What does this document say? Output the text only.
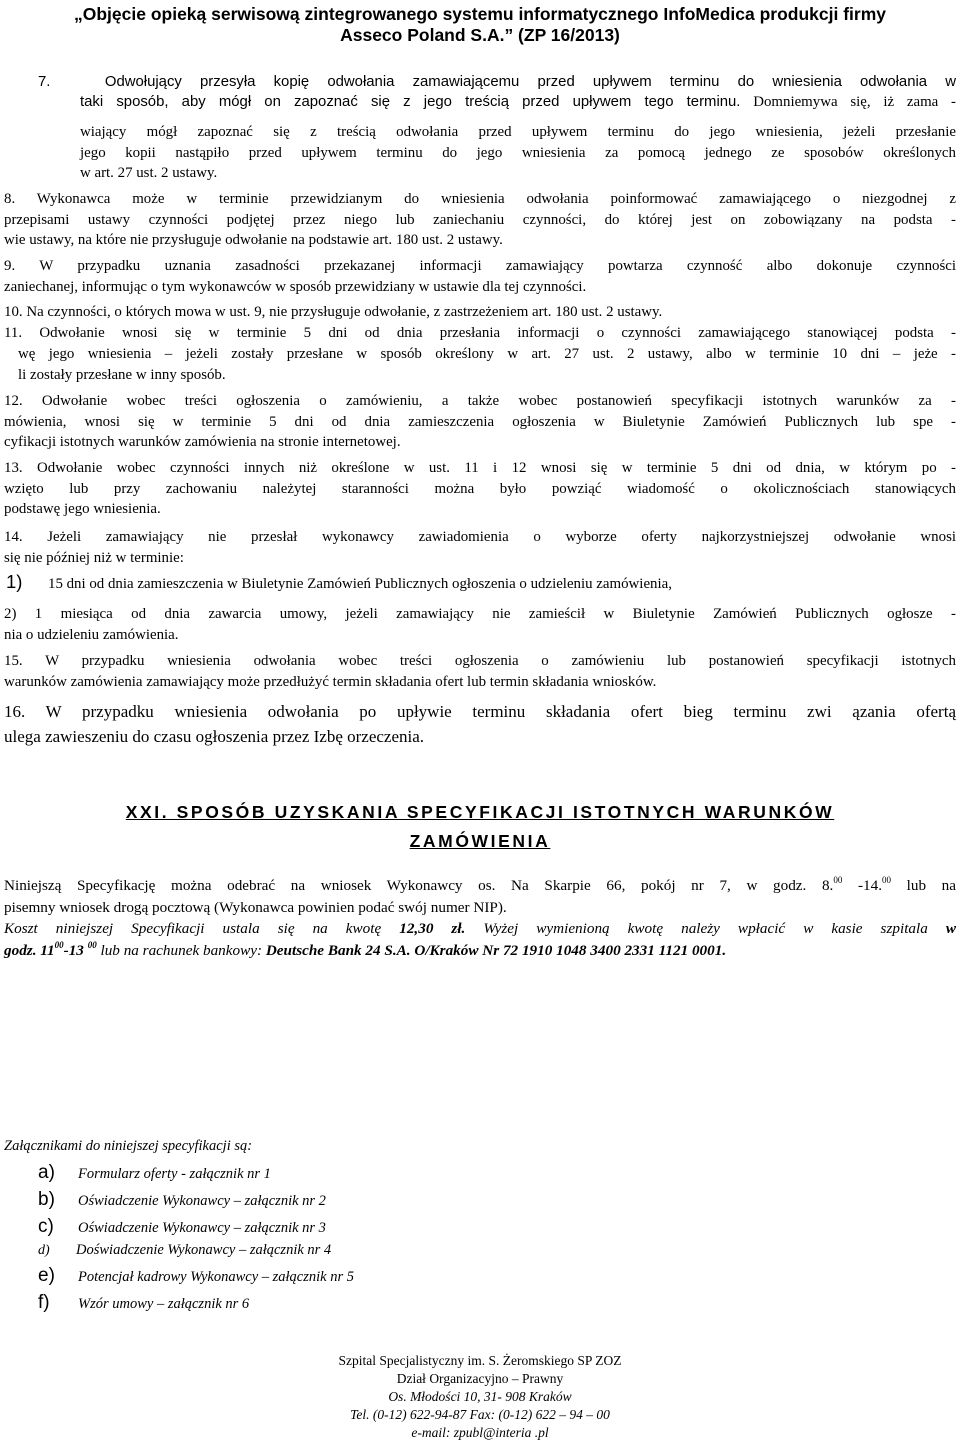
„Objęcie opieką serwisową zintegrowanego systemu informatycznego InfoMedica produkcji firmy
Asseco Poland S.A.” (ZP 16/2013)
7.	Odwołujący przesyła kopię odwołania zamawiającemu przed upływem terminu do wniesienia odwołania w
taki sposób, aby mógł on zapoznać się z jego treścią przed upływem tego terminu. Domniemywa się, iż zama -
wiający mógł zapoznać się z treścią odwołania przed upływem terminu do jego wniesienia, jeżeli przesłanie
jego kopii nastąpiło przed upływem terminu do jego wniesienia za pomocą jednego ze sposobów określonych
w art. 27 ust. 2 ustawy.
8. Wykonawca może w terminie przewidzianym do wniesienia odwołania poinformować zamawiającego o niezgodnej z
przepisami ustawy czynności podjętej przez niego lub zaniechaniu czynności, do której jest on zobowiązany na podsta -
wie ustawy, na które nie przysługuje odwołanie na podstawie art. 180 ust. 2 ustawy.
9. W przypadku uznania zasadności przekazanej informacji zamawiający powtarza czynność albo dokonuje czynności
zaniechanej, informując o tym wykonawców w sposób przewidziany w ustawie dla tej czynności.
10. Na czynności, o których mowa w ust. 9, nie przysługuje odwołanie, z zastrzeżeniem art. 180 ust. 2 ustawy.
11. Odwołanie wnosi się w terminie 5 dni od dnia przesłania informacji o czynności zamawiającego stanowiącej podsta -
wę jego wniesienia – jeżeli zostały przesłane w sposób określony w art. 27 ust. 2 ustawy, albo w terminie 10 dni – jeże -
li zostały przesłane w inny sposób.
12. Odwołanie wobec treści ogłoszenia o zamówieniu, a także wobec postanowień specyfikacji istotnych warunków za -
mówienia, wnosi się w terminie 5 dni od dnia zamieszczenia ogłoszenia w Biuletynie Zamówień Publicznych lub spe -
cyfikacji istotnych warunków zamówienia na stronie internetowej.
13. Odwołanie wobec czynności innych niż określone w ust. 11 i 12 wnosi się w terminie 5 dni od dnia, w którym po -
wzięto lub przy zachowaniu należytej staranności można było powziąć wiadomość o okolicznościach stanowiących
podstawę jego wniesienia.
14. Jeżeli zamawiający nie przesłał wykonawcy zawiadomienia o wyborze oferty najkorzystniejszej odwołanie wnosi
się nie później niż w terminie:
1) 15 dni od dnia zamieszczenia w Biuletynie Zamówień Publicznych ogłoszenia o udzieleniu zamówienia,
2) 1 miesiąca od dnia zawarcia umowy, jeżeli zamawiający nie zamieścił w Biuletynie Zamówień Publicznych ogłosze -
nia o udzieleniu zamówienia.
15. W przypadku wniesienia odwołania wobec treści ogłoszenia o zamówieniu lub postanowień specyfikacji istotnych
warunków zamówienia zamawiający może przedłużyć termin składania ofert lub termin składania wniosków.
16. W przypadku wniesienia odwołania po upływie terminu składania ofert bieg terminu zwi ązania ofertą
ulega zawieszeniu do czasu ogłoszenia przez Izbę orzeczenia.
XXI. SPOSÓB UZYSKANIA SPECYFIKACJI ISTOTNYCH WARUNKÓW
ZAMÓWIENIA
Niniejszą Specyfikację można odebrać na wniosek Wykonawcy os. Na Skarpie 66, pokój nr 7, w godz. 8.00 -14.00 lub na
pisemny wniosek drogą pocztową (Wykonawca powinien podać swój numer NIP).
Koszt niniejszej Specyfikacji ustala się na kwotę 12,30 zł. Wyżej wymienioną kwotę należy wpłacić w kasie szpitala w
godz. $11^{00}-13$ $^{00}$ lub na rachunek bankowy: Deutsche Bank 24 S.A. O/Kraków Nr 72 1910 1048 3400 2331 1121 0001.
Załącznikami do niniejszej specyfikacji są:
a) Formularz oferty - załącznik nr 1
b) Oświadczenie Wykonawcy – załącznik nr 2
c) Oświadczenie Wykonawcy – załącznik nr 3
d) Doświadczenie Wykonawcy – załącznik nr 4
e) Potencjał kadrowy Wykonawcy – załącznik nr 5
f) Wzór umowy – załącznik nr 6
Szpital Specjalistyczny im. S. Żeromskiego SP ZOZ
Dział Organizacyjno – Prawny
Os. Młodości 10, 31- 908 Kraków
Tel. (0-12) 622-94-87 Fax: (0-12) 622 – 94 – 00
e-mail: zpubl@interia .pl
